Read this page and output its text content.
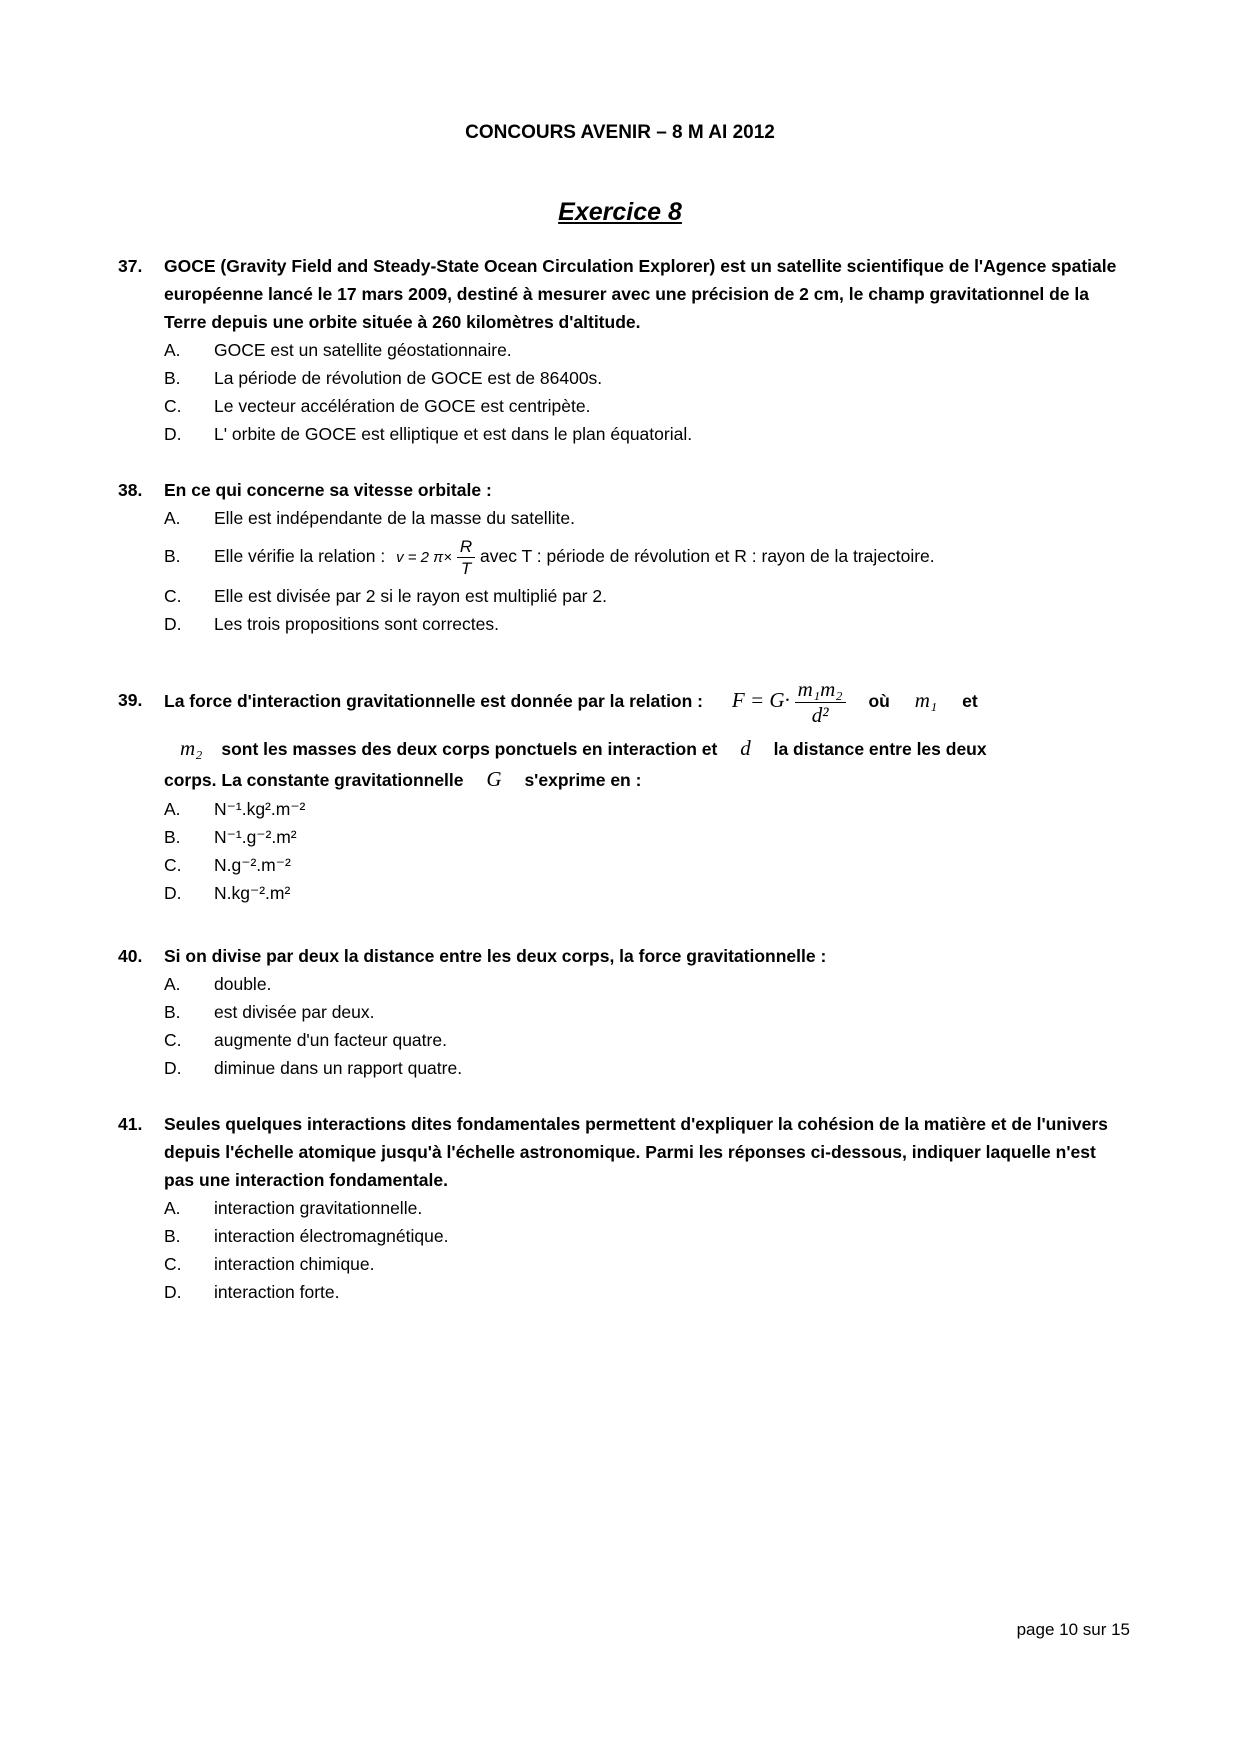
CONCOURS AVENIR – 8 M AI 2012
Exercice 8
37. GOCE (Gravity Field and Steady-State Ocean Circulation Explorer) est un satellite scientifique de l'Agence spatiale européenne lancé le 17 mars 2009, destiné à mesurer avec une précision de 2 cm, le champ gravitationnel de la Terre depuis une orbite située à 260 kilomètres d'altitude.
A. GOCE est un satellite géostationnaire.
B. La période de révolution de GOCE est de 86400s.
C. Le vecteur accélération de GOCE est centripète.
D. L' orbite de GOCE est elliptique et est dans le plan équatorial.
38. En ce qui concerne sa vitesse orbitale :
A. Elle est indépendante de la masse du satellite.
B. Elle vérifie la relation : v = 2 $\pi\times \frac{R}{T}$ avec T : période de révolution et R : rayon de la trajectoire.
C. Elle est divisée par 2 si le rayon est multiplié par 2.
D. Les trois propositions sont correctes.
39. La force d'interaction gravitationnelle est donnée par la relation : $F = G\cdot \frac{\text{m₁m₂}}{\text{d²}}$ où m₁ et
m₂ sont les masses des deux corps ponctuels en interaction et d la distance entre les deux
corps. La constante gravitationnelle G s'exprime en :
A. N⁻¹.kg².m⁻²
B. N⁻¹.g⁻².m²
C. N.g⁻².m⁻²
D. N.kg⁻².m²
40. Si on divise par deux la distance entre les deux corps, la force gravitationnelle :
A. double.
B. est divisée par deux.
C. augmente d'un facteur quatre.
D. diminue dans un rapport quatre.
41. Seules quelques interactions dites fondamentales permettent d'expliquer la cohésion de la matière et de l'univers depuis l'échelle atomique jusqu'à l'échelle astronomique. Parmi les réponses ci-dessous, indiquer laquelle n'est pas une interaction fondamentale.
A. interaction gravitationnelle.
B. interaction électromagnétique.
C. interaction chimique.
D. interaction forte.
page 10 sur 15
